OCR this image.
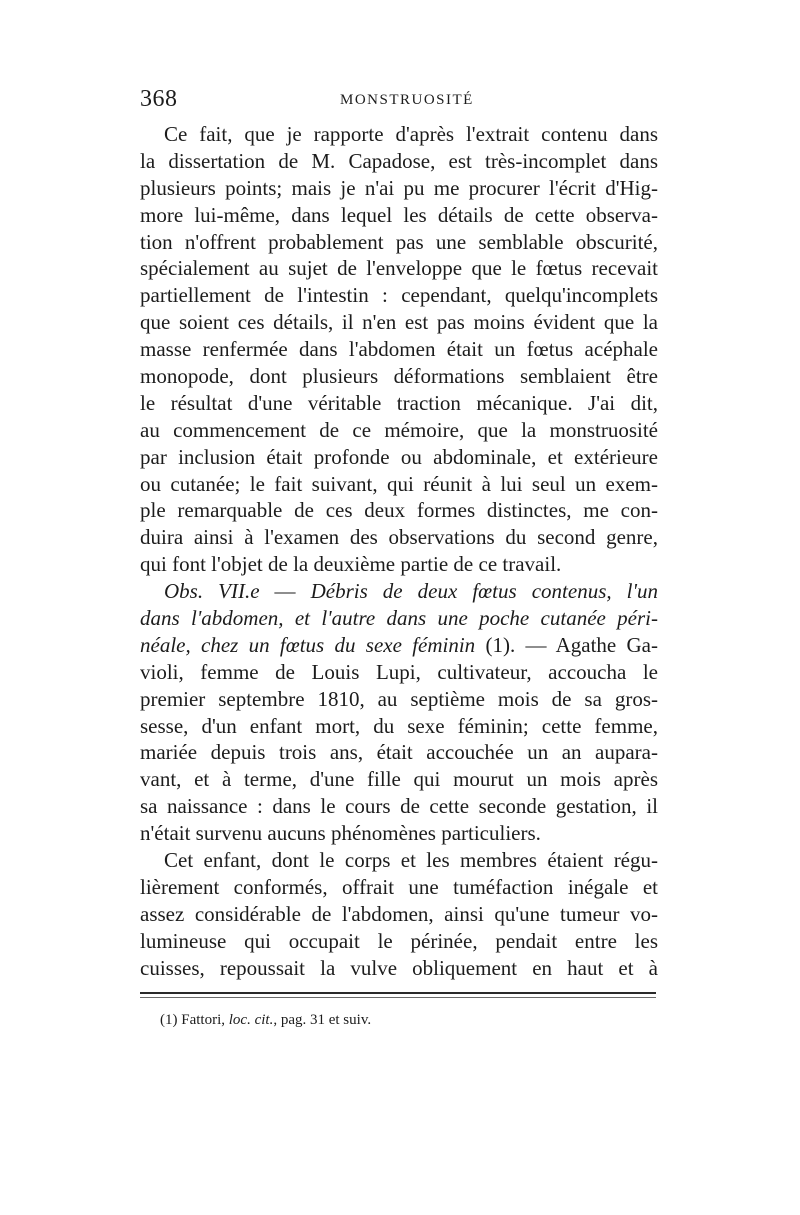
368	MONSTRUOSITÉ
Ce fait, que je rapporte d'après l'extrait contenu dans
la dissertation de M. Capadose, est très-incomplet dans
plusieurs points; mais je n'ai pu me procurer l'écrit d'Hig-
more lui-même, dans lequel les détails de cette observa-
tion n'offrent probablement pas une semblable obscurité,
spécialement au sujet de l'enveloppe que le fœtus recevait
partiellement de l'intestin : cependant, quelqu'incomplets
que soient ces détails, il n'en est pas moins évident que la
masse renfermée dans l'abdomen était un fœtus acéphale
monopode, dont plusieurs déformations semblaient être
le résultat d'une véritable traction mécanique. J'ai dit,
au commencement de ce mémoire, que la monstruosité
par inclusion était profonde ou abdominale, et extérieure
ou cutanée; le fait suivant, qui réunit à lui seul un exem-
ple remarquable de ces deux formes distinctes, me con-
duira ainsi à l'examen des observations du second genre,
qui font l'objet de la deuxième partie de ce travail.
Obs. VII.e — Débris de deux fœtus contenus, l'un
dans l'abdomen, et l'autre dans une poche cutanée péri-
néale, chez un fœtus du sexe féminin (1). — Agathe Ga-
violi, femme de Louis Lupi, cultivateur, accoucha le
premier septembre 1810, au septième mois de sa gros-
sesse, d'un enfant mort, du sexe féminin; cette femme,
mariée depuis trois ans, était accouchée un an aupara-
vant, et à terme, d'une fille qui mourut un mois après
sa naissance : dans le cours de cette seconde gestation, il
n'était survenu aucuns phénomènes particuliers.
Cet enfant, dont le corps et les membres étaient régu-
lièrement conformés, offrait une tuméfaction inégale et
assez considérable de l'abdomen, ainsi qu'une tumeur vo-
lumineuse qui occupait le périnée, pendait entre les
cuisses, repoussait la vulve obliquement en haut et à
(1) Fattori, loc. cit., pag. 31 et suiv.
